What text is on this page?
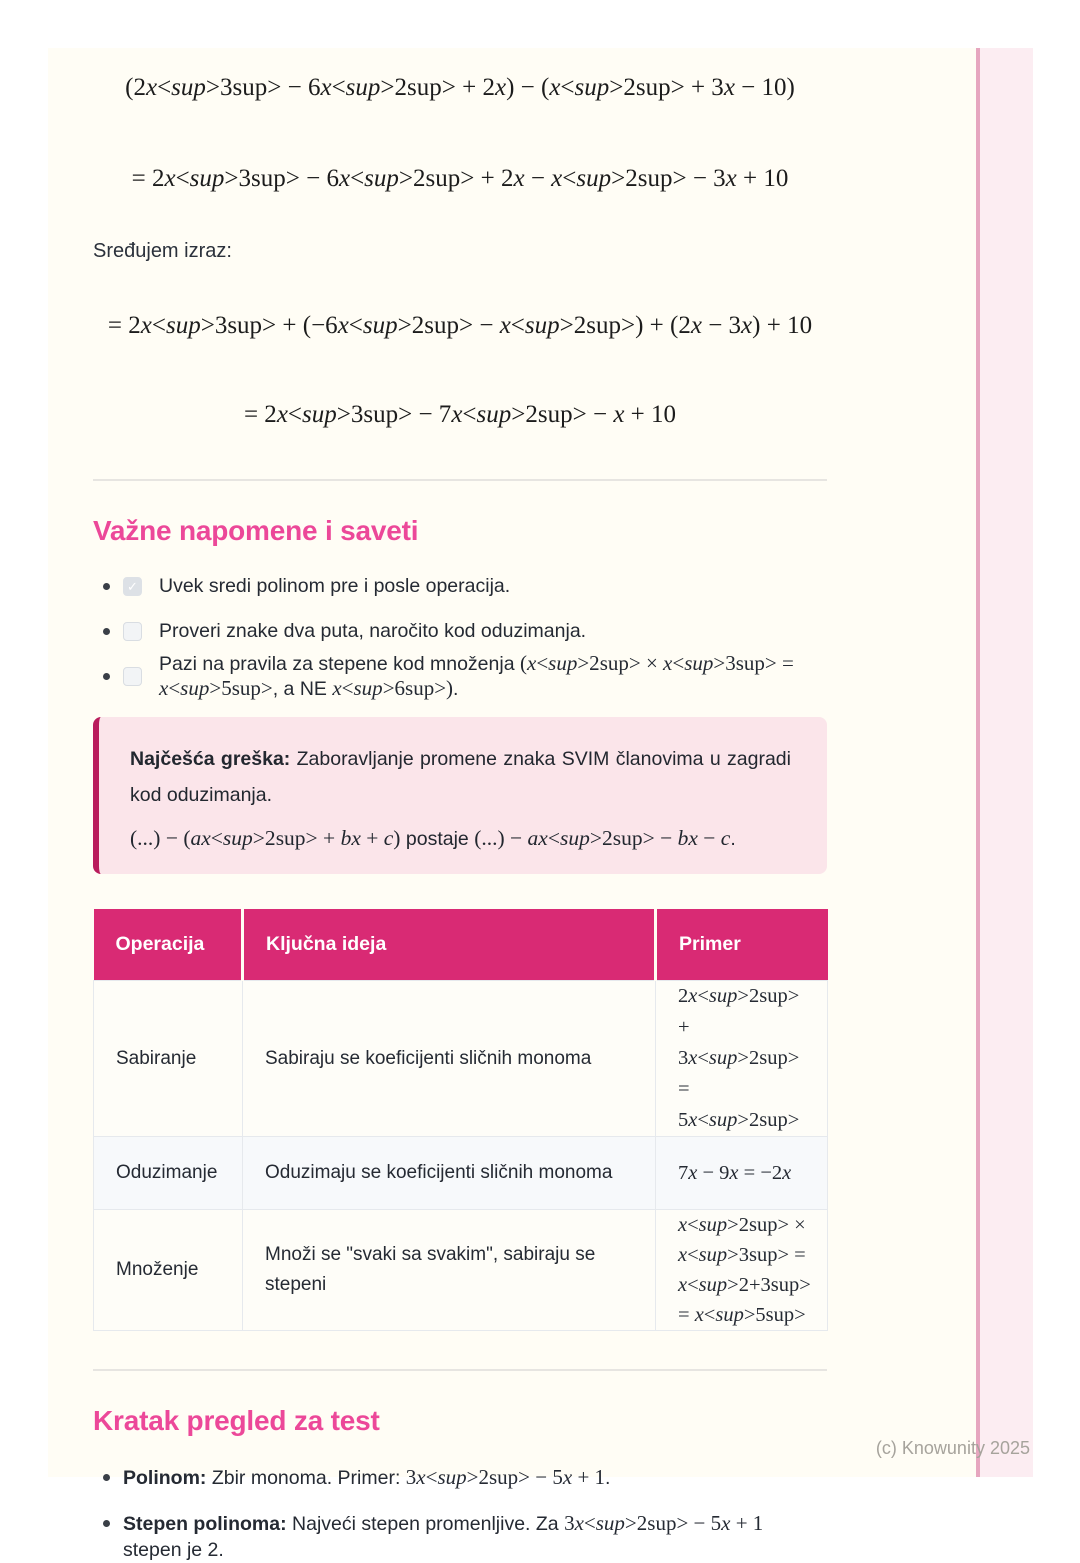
(2x<sup>3sup> − 6x<sup>2sup> + 2x) − (x<sup>2sup> + 3x − 10)
= 2x<sup>3sup> − 6x<sup>2sup> + 2x − x<sup>2sup> − 3x + 10
Sređujem izraz:
= 2x<sup>3sup> + (−6x<sup>2sup> − x<sup>2sup>) + (2x − 3x) + 10
= 2x<sup>3sup> − 7x<sup>2sup> − x + 10
Važne napomene i saveti
✓ Uvek sredi polinom pre i posle operacija.
Proveri znake dva puta, naročito kod oduzimanja.
Pazi na pravila za stepene kod množenja (x<sup>2sup> × x<sup>3sup> = x<sup>5sup>, a NE x<sup>6sup>).

Najčešća greška: Zaboravljanje promene znaka SVIM članovima u zagradi kod oduzimanja.

(...) − (ax<sup>2sup> + bx + c) postaje (...) − ax<sup>2sup> − bx − c.

Operacija	Ključna ideja	Primer
Sabiranje	Sabiraju se koeficijenti sličnih monoma	2x<sup>2sup> + 3x<sup>2sup> = 5x<sup>2sup>
Oduzimanje	Oduzimaju se koeficijenti sličnih monoma	7x − 9x = −2x
Množenje	Množi se "svaki sa svakim", sabiraju se stepeni	x<sup>2sup> × x<sup>3sup> =
x<sup>2+3sup> = x<sup>5sup>
Kratak pregled za test
Polinom: Zbir monoma. Primer: 3x<sup>2sup> − 5x + 1.
Stepen polinoma: Najveći stepen promenljive. Za 3x<sup>2sup> − 5x + 1 stepen je 2.
(c) Knowunity 2025
